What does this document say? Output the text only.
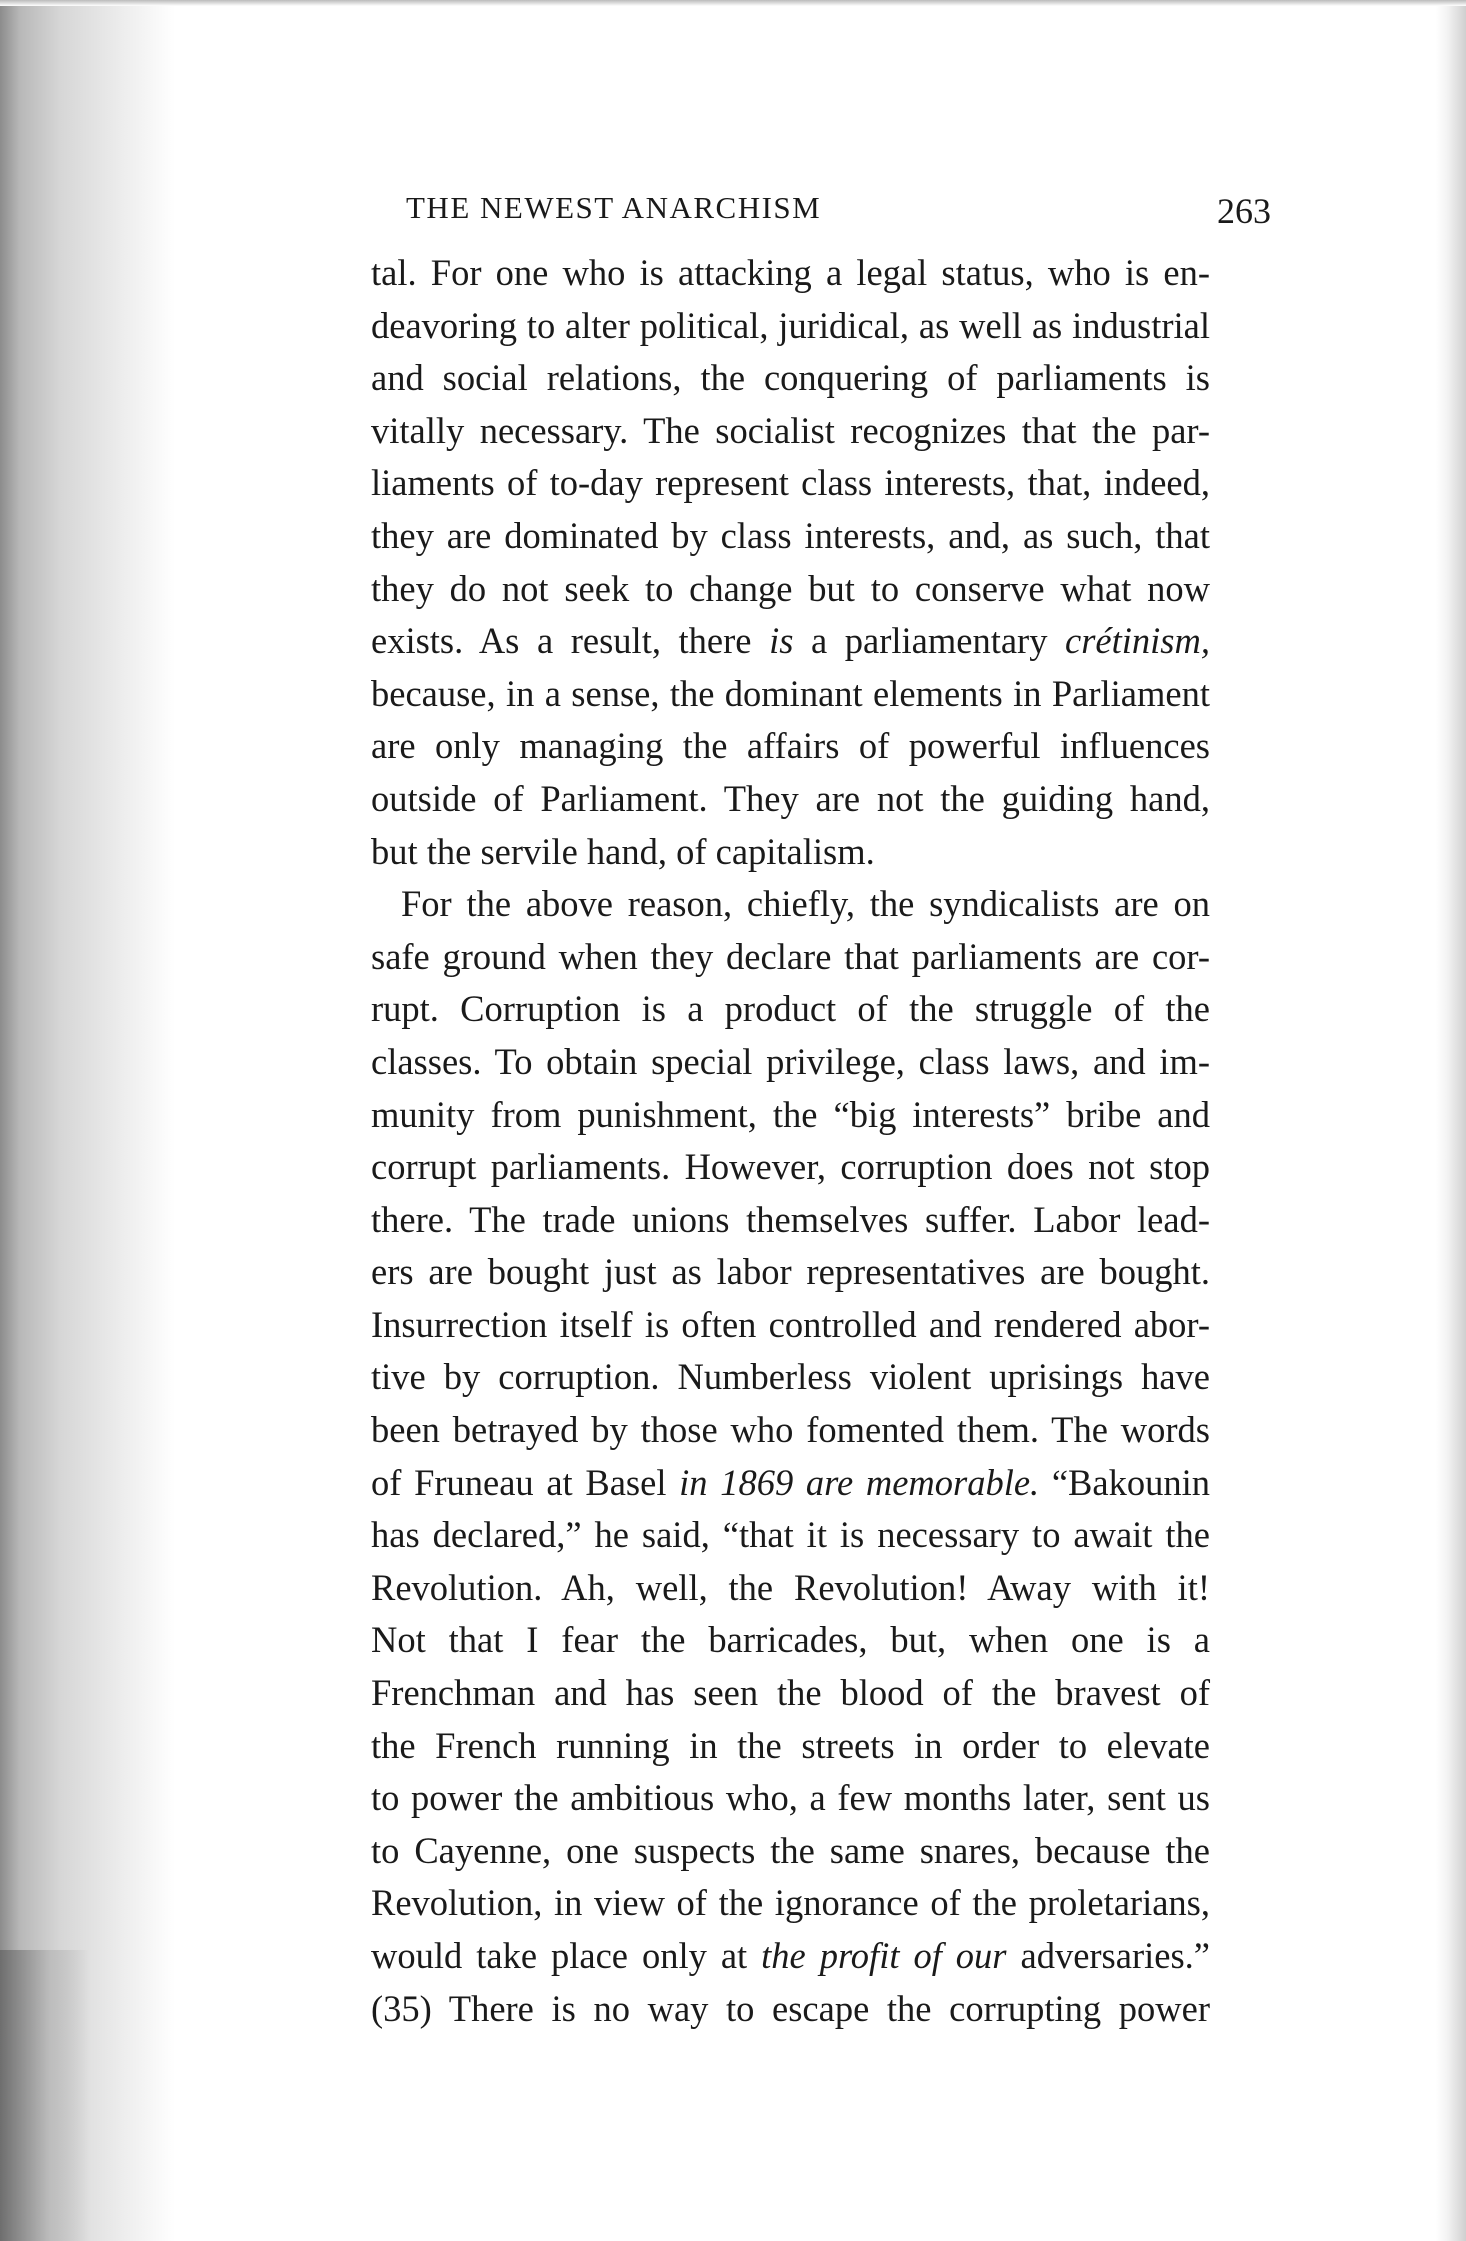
THE NEWEST ANARCHISM	263
tal. For one who is attacking a legal status, who is en-
deavoring to alter political, juridical, as well as industrial
and social relations, the conquering of parliaments is
vitally necessary. The socialist recognizes that the par-
liaments of to-day represent class interests, that, indeed,
they are dominated by class interests, and, as such, that
they do not seek to change but to conserve what now
exists. As a result, there is a parliamentary crétinism,
because, in a sense, the dominant elements in Parliament
are only managing the affairs of powerful influences
outside of Parliament. They are not the guiding hand,
but the servile hand, of capitalism.
For the above reason, chiefly, the syndicalists are on
safe ground when they declare that parliaments are cor-
rupt. Corruption is a product of the struggle of the
classes. To obtain special privilege, class laws, and im-
munity from punishment, the “big interests” bribe and
corrupt parliaments. However, corruption does not stop
there. The trade unions themselves suffer. Labor lead-
ers are bought just as labor representatives are bought.
Insurrection itself is often controlled and rendered abor-
tive by corruption. Numberless violent uprisings have
been betrayed by those who fomented them. The words
of Fruneau at Basel in 1869 are memorable. “Bakounin
has declared,” he said, “that it is necessary to await the
Revolution. Ah, well, the Revolution! Away with it!
Not that I fear the barricades, but, when one is a
Frenchman and has seen the blood of the bravest of
the French running in the streets in order to elevate
to power the ambitious who, a few months later, sent us
to Cayenne, one suspects the same snares, because the
Revolution, in view of the ignorance of the proletarians,
would take place only at the profit of our adversaries.”
(35) There is no way to escape the corrupting power
